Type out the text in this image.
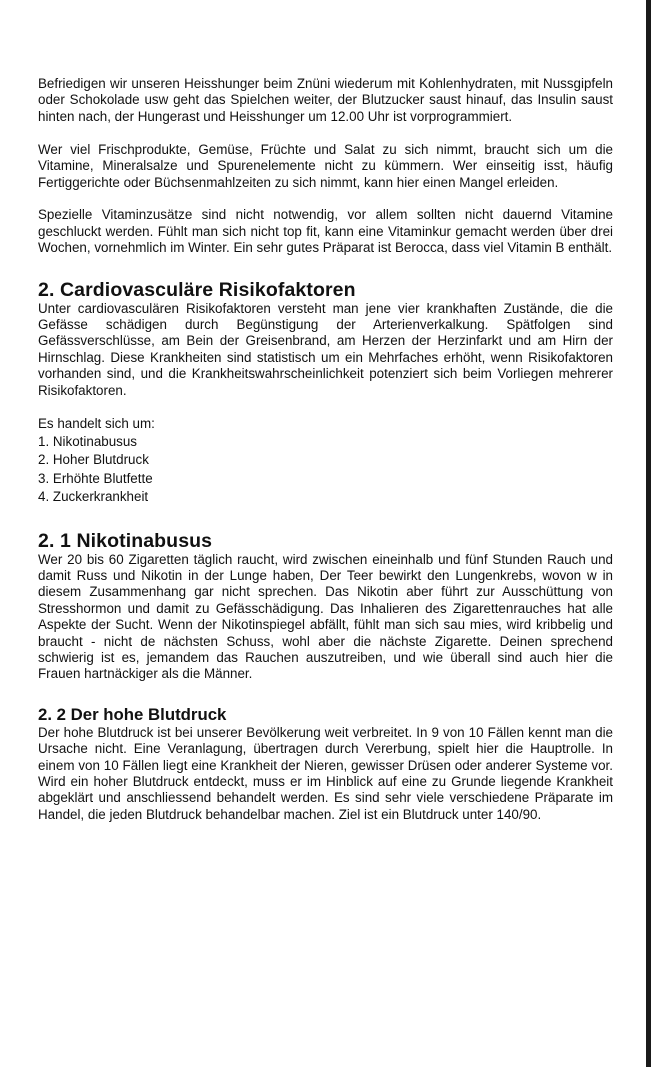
Befriedigen wir unseren Heisshunger beim Znüni wiederum mit Kohlenhydraten, mit Nussgipfeln oder Schokolade usw geht das Spielchen weiter, der Blutzucker saust hinauf, das Insulin saust hinten nach, der Hungerast und Heisshunger um 12.00 Uhr ist vorprogrammiert.

Wer viel Frischprodukte, Gemüse, Früchte und Salat zu sich nimmt, braucht sich um die Vitamine, Mineralsalze und Spurenelemente nicht zu kümmern. Wer einseitig isst, häufig Fertiggerichte oder Büchsenmahlzeiten zu sich nimmt, kann hier einen Mangel erleiden.

Spezielle Vitaminzusätze sind nicht notwendig, vor allem sollten nicht dauernd Vitamine geschluckt werden. Fühlt man sich nicht top fit, kann eine Vitaminkur gemacht werden über drei Wochen, vornehmlich im Winter. Ein sehr gutes Präparat ist Berocca, dass viel Vitamin B enthält.

2. Cardiovasculäre Risikofaktoren

Unter cardiovasculären Risikofaktoren versteht man jene vier krankhaften Zustände, die die Gefässe schädigen durch Begünstigung der Arterienverkalkung. Spätfolgen sind Gefässverschlüsse, am Bein der Greisenbrand, am Herzen der Herzinfarkt und am Hirn der Hirnschlag. Diese Krankheiten sind statistisch um ein Mehrfaches erhöht, wenn Risikofaktoren vorhanden sind, und die Krankheitswahrscheinlichkeit potenziert sich beim Vorliegen mehrerer Risikofaktoren.

Es handelt sich um:

1. Nikotinabusus
2. Hoher Blutdruck
3. Erhöhte Blutfette
4. Zuckerkrankheit
2. 1 Nikotinabusus

Wer 20 bis 60 Zigaretten täglich raucht, wird zwischen eineinhalb und fünf Stunden Rauch und damit Russ und Nikotin in der Lunge haben, Der Teer bewirkt den Lungenkrebs, wovon w in diesem Zusammenhang gar nicht sprechen. Das Nikotin aber führt zur Ausschüttung von Stresshormon und damit zu Gefässchädigung. Das Inhalieren des Zigarettenrauches hat alle Aspekte der Sucht. Wenn der Nikotinspiegel abfällt, fühlt man sich sau mies, wird kribbelig und braucht - nicht de nächsten Schuss, wohl aber die nächste Zigarette. Deinen sprechend schwierig ist es, jemandem das Rauchen auszutreiben, und wie überall sind auch hier die Frauen hartnäckiger als die Männer.

2. 2 Der hohe Blutdruck

Der hohe Blutdruck ist bei unserer Bevölkerung weit verbreitet. In 9 von 10 Fällen kennt man die Ursache nicht. Eine Veranlagung, übertragen durch Vererbung, spielt hier die Hauptrolle. In einem von 10 Fällen liegt eine Krankheit der Nieren, gewisser Drüsen oder anderer Systeme vor. Wird ein hoher Blutdruck entdeckt, muss er im Hinblick auf eine zu Grunde liegende Krankheit abgeklärt und anschliessend behandelt werden. Es sind sehr viele verschiedene Präparate im Handel, die jeden Blutdruck behandelbar machen. Ziel ist ein Blutdruck unter 140/90.
